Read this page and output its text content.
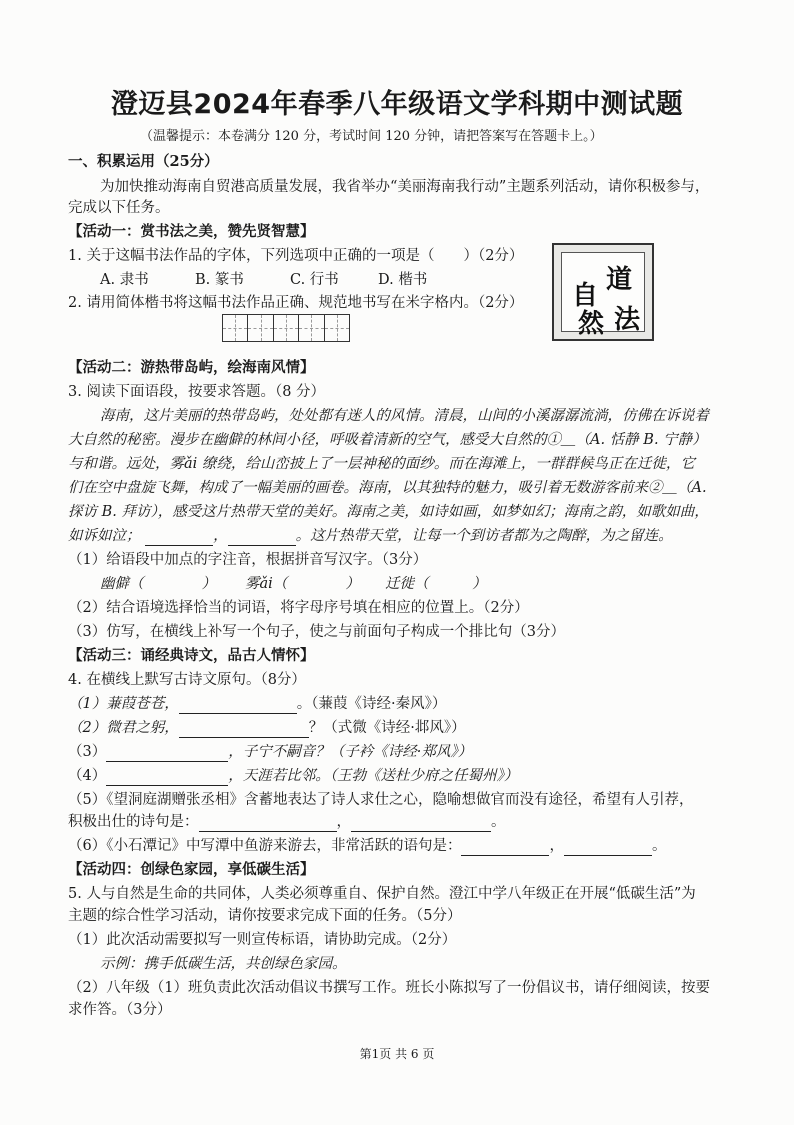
澄迈县2024年春季八年级语文学科期中测试题
（温馨提示：本卷满分 120 分，考试时间 120 分钟，请把答案写在答题卡上。）
一、积累运用（25分）
为加快推动海南自贸港高质量发展，我省举办“美丽海南我行动”主题系列活动，请你积极参与，
完成以下任务。
【活动一：赏书法之美，赞先贤智慧】
1. 关于这幅书法作品的字体，下列选项中正确的一项是（　　）（2分）
A. 隶书	B. 篆书	C. 行书	D. 楷书
2. 请用简体楷书将这幅书法作品正确、规范地书写在米字格内。（2分）
道
自
法
然
【活动二：游热带岛屿，绘海南风情】
3. 阅读下面语段，按要求答题。（8 分）
海南，这片美丽的热带岛屿，处处都有迷人的风情。清晨，山间的小溪潺潺流淌，仿佛在诉说着
大自然的秘密。漫步在幽僻的林间小径，呼吸着清新的空气，感受大自然的①＿（A. 恬静 B. 宁静）
与和谐。远处，雾ǎi 缭绕，给山峦披上了一层神秘的面纱。而在海滩上，一群群候鸟正在迁徙，它
们在空中盘旋飞舞，构成了一幅美丽的画卷。海南，以其独特的魅力，吸引着无数游客前来②＿（A.
探访 B. 拜访），感受这片热带天堂的美好。海南之美，如诗如画，如梦如幻；海南之韵，如歌如曲，
如诉如泣；	，	。这片热带天堂，让每一个到访者都为之陶醉，为之留连。
（1）给语段中加点的字注音，根据拼音写汉字。（3分）
幽僻（　　　　） 雾ǎi（　　　　） 迁徙（　　　）
（2）结合语境选择恰当的词语，将字母序号填在相应的位置上。（2分）
（3）仿写，在横线上补写一个句子，使之与前面句子构成一个排比句（3分）
【活动三：诵经典诗文，品古人情怀】
4. 在横线上默写古诗文原句。（8分）
（1）蒹葭苍苍，	。（蒹葭《诗经·秦风》）
（2）微君之躬，	？（式微《诗经·邶风》）
（3）	，子宁不嗣音？（子衿《诗经·郑风》）
（4）	，天涯若比邻。（王勃《送杜少府之任蜀州》）
（5）《望洞庭湖赠张丞相》含蓄地表达了诗人求仕之心，隐喻想做官而没有途径，希望有人引荐，
积极出仕的诗句是：	，	。
（6）《小石潭记》中写潭中鱼游来游去，非常活跃的语句是：	，	。
【活动四：创绿色家园，享低碳生活】
5. 人与自然是生命的共同体，人类必须尊重自、保护自然。澄江中学八年级正在开展“低碳生活”为
主题的综合性学习活动，请你按要求完成下面的任务。（5分）
（1）此次活动需要拟写一则宣传标语，请协助完成。（2分）
示例：携手低碳生活，共创绿色家园。
（2）八年级（1）班负责此次活动倡议书撰写工作。班长小陈拟写了一份倡议书，请仔细阅读，按要
求作答。（3分）
第1页 共 6 页
